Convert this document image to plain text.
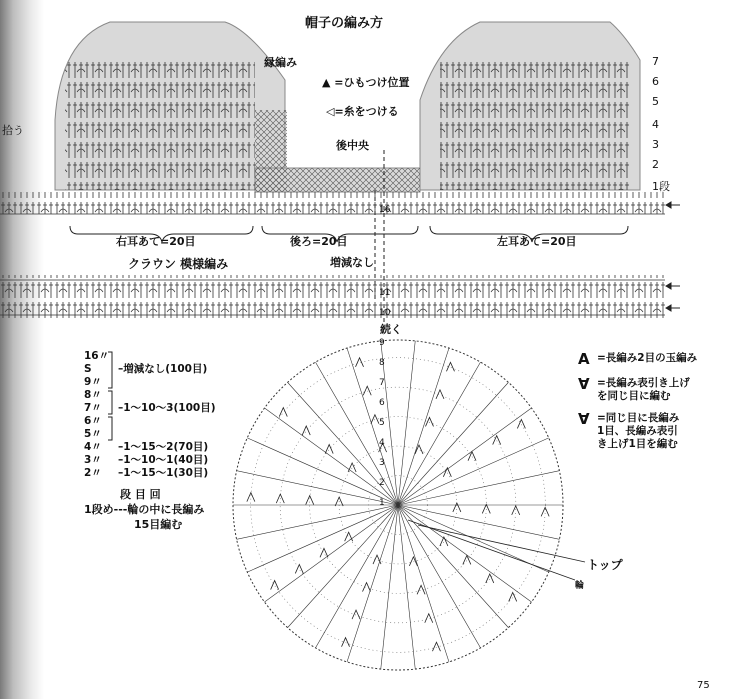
帽子の編み方
拾う
縁編み
▲ =ひもつけ位置
◁=糸をつける
後中央
右耳あて=20目	後ろ=20目	左耳あて=20目
クラウン 模様編み	増減なし
続く
トップ
輪
7
6
5
4
3
2
1段
16
11
10
9
8
7
6
5
4
3
2
1
16〃
S	–増減なし(100目)
9〃
8〃
7〃 –1〜10〜3(100目)
6〃
5〃
4〃 –1〜15〜2(70目)
3〃 –1〜10〜1(40目)
2〃 –1〜15〜1(30目)
段 目 回
1段め---輪の中に長編み
15目編む
A =長編み2目の玉編み
∀ =長編み表引き上げ
を同じ目に編む
∀ =同じ目に長編み
1目、長編み表引
き上げ1目を編む
75
